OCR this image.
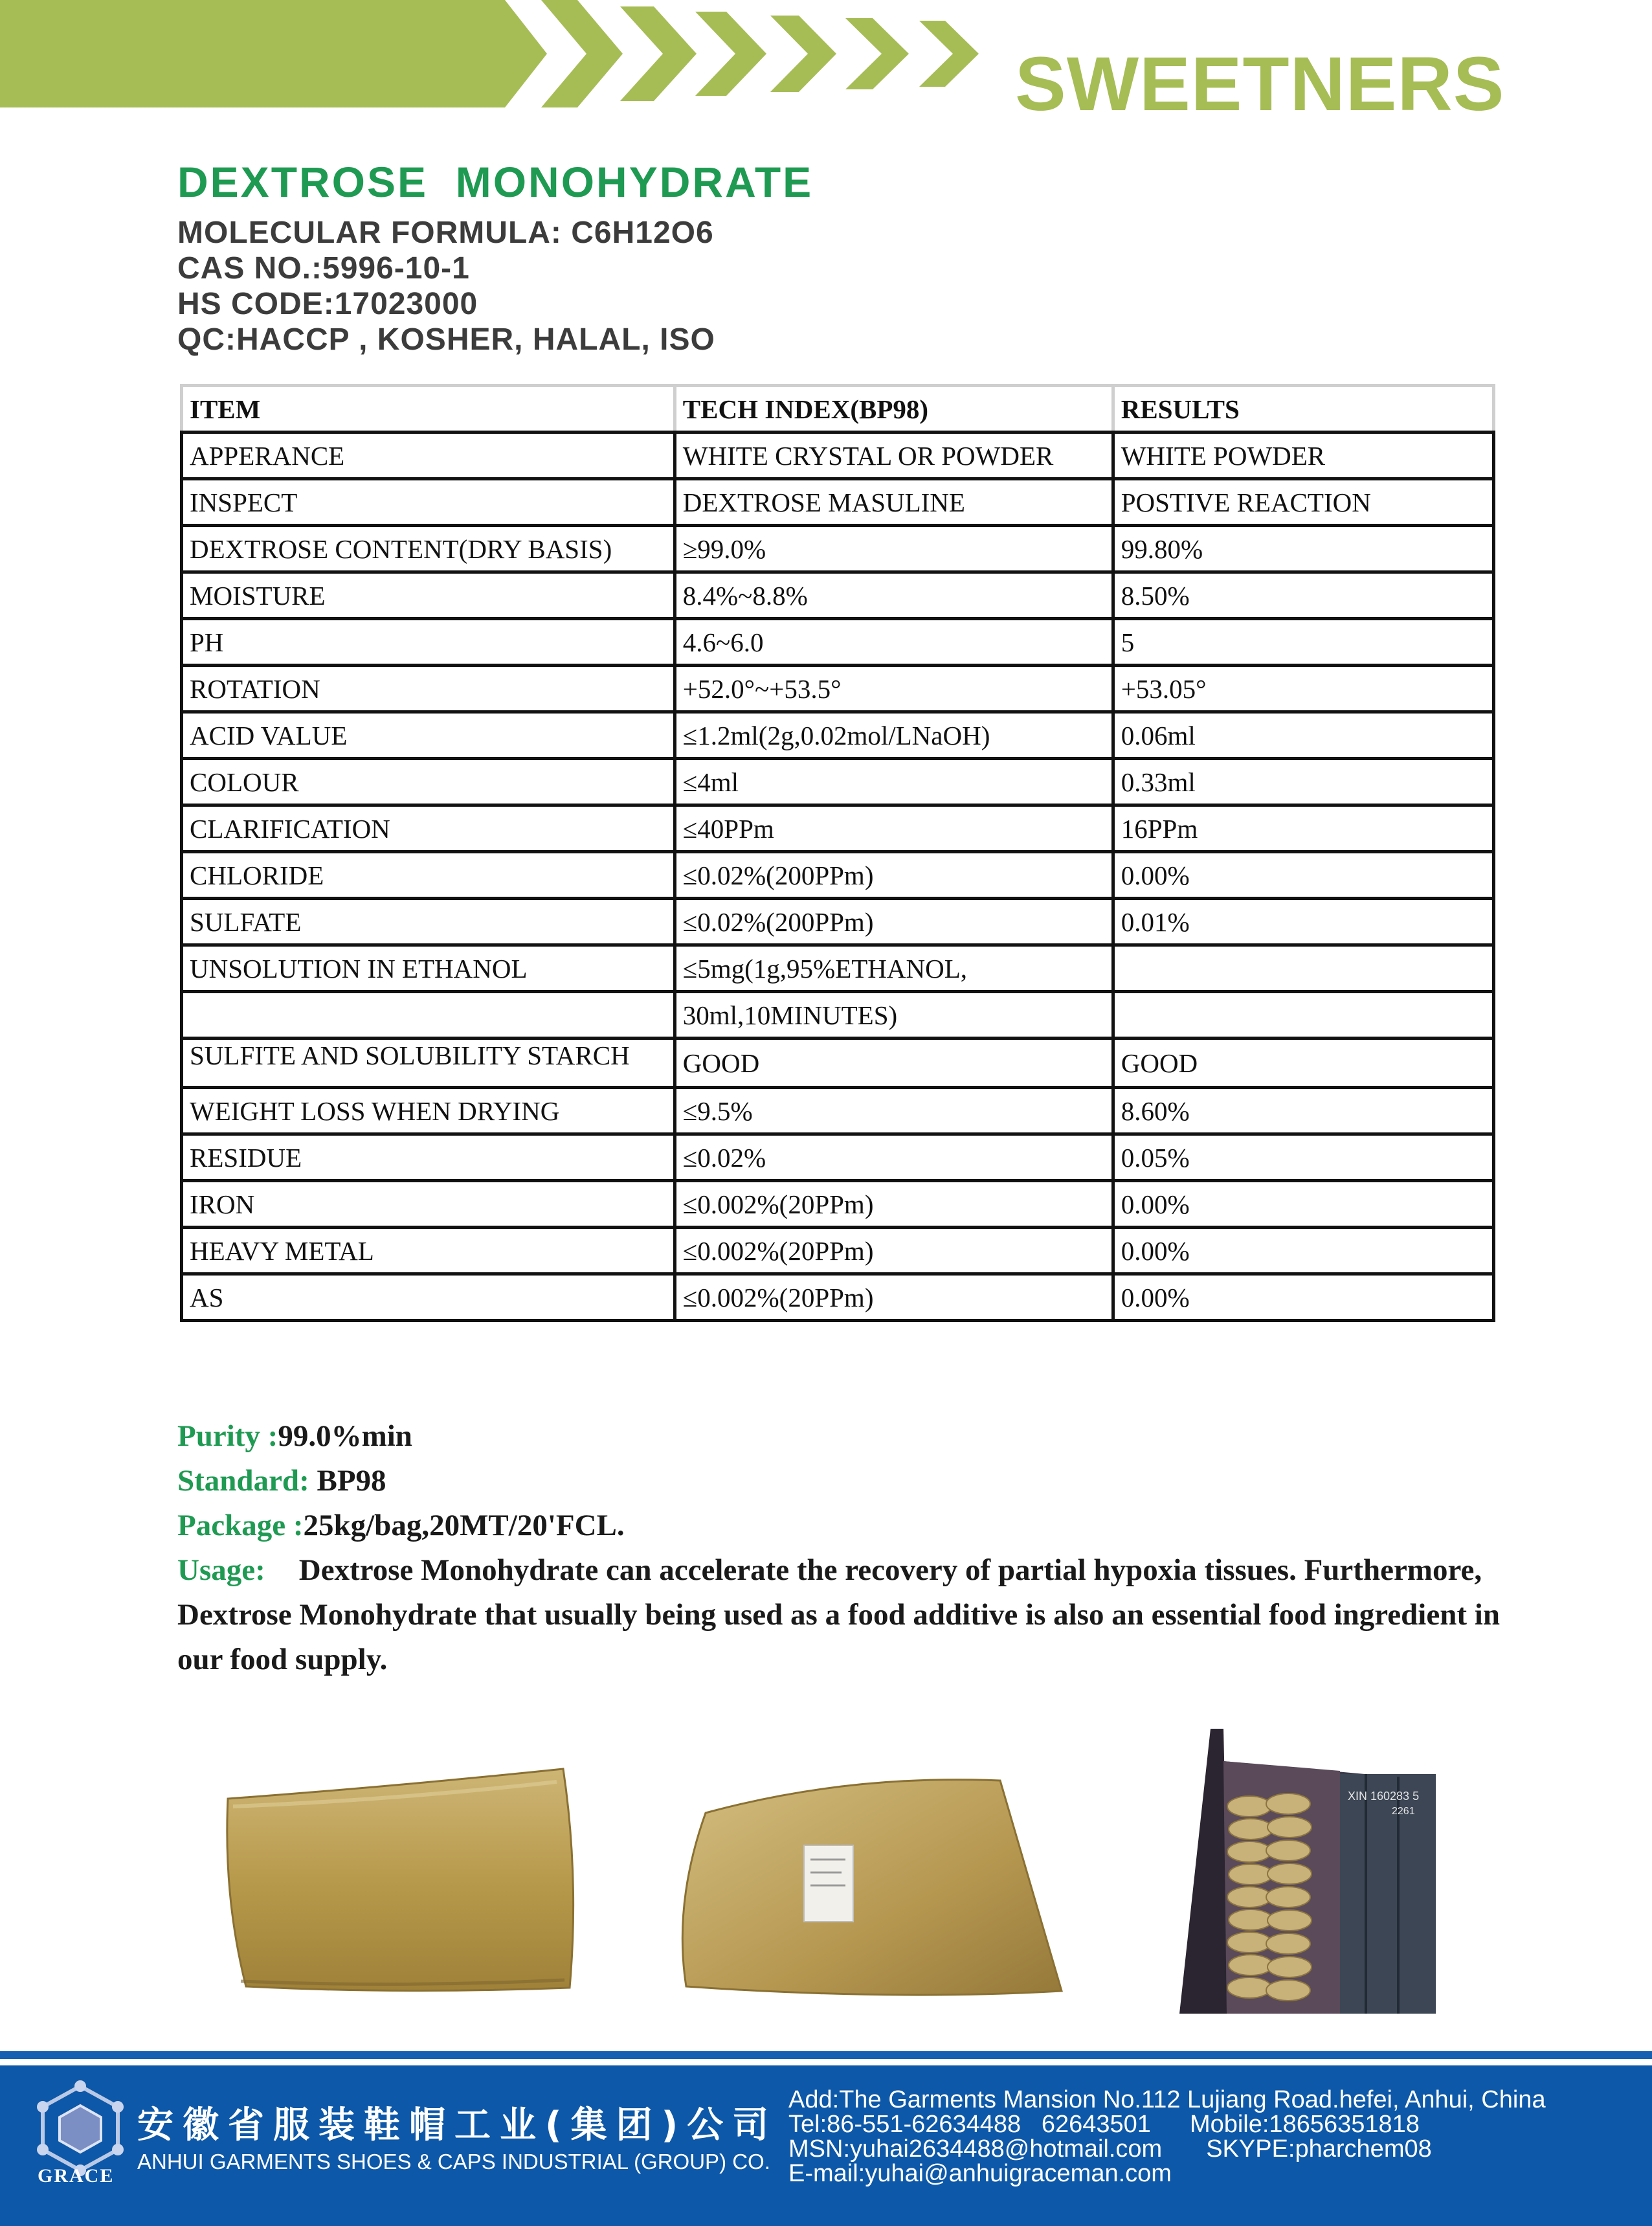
SWEETNERS
DEXTROSE  MONOHYDRATE
MOLECULAR FORMULA: C6H12O6
CAS NO.:5996-10-1
HS CODE:17023000
QC:HACCP , KOSHER, HALAL, ISO
ITEM	TECH INDEX(BP98)	RESULTS
APPERANCE	WHITE CRYSTAL OR POWDER	WHITE POWDER
INSPECT	DEXTROSE MASULINE	POSTIVE REACTION
DEXTROSE CONTENT(DRY BASIS)	≥99.0%	99.80%
MOISTURE	8.4%~8.8%	8.50%
PH	4.6~6.0	5
ROTATION	+52.0°~+53.5°	+53.05°
ACID VALUE	≤1.2ml(2g,0.02mol/LNaOH)	0.06ml
COLOUR	≤4ml	0.33ml
CLARIFICATION	≤40PPm	16PPm
CHLORIDE	≤0.02%(200PPm)	0.00%
SULFATE	≤0.02%(200PPm)	0.01%
UNSOLUTION IN ETHANOL	≤5mg(1g,95%ETHANOL,	
	30ml,10MINUTES)	
SULFITE AND SOLUBILITY STARCH	GOOD	GOOD
WEIGHT LOSS WHEN DRYING	≤9.5%	8.60%
RESIDUE	≤0.02%	0.05%
IRON	≤0.002%(20PPm)	0.00%
HEAVY METAL	≤0.002%(20PPm)	0.00%
AS	≤0.002%(20PPm)	0.00%
Purity :99.0%min
Standard: BP98
Package :25kg/bag,20MT/20'FCL.
Usage: Dextrose Monohydrate can accelerate the recovery of partial hypoxia tissues. Furthermore, Dextrose Monohydrate that usually being used as a food additive is also an essential food ingredient in our food supply.
XIN 160283 5
2261
GRACE
安徽省服装鞋帽工业(集团)公司
ANHUI GARMENTS SHOES & CAPS INDUSTRIAL (GROUP) CO.
Add:The Garments Mansion No.112 Lujiang Road.hefei, Anhui, China
Tel:86-551-62634488   62643501 Mobile:18656351818
MSN:yuhai2634488@hotmail.com SKYPE:pharchem08
E-mail:yuhai@anhuigraceman.com
